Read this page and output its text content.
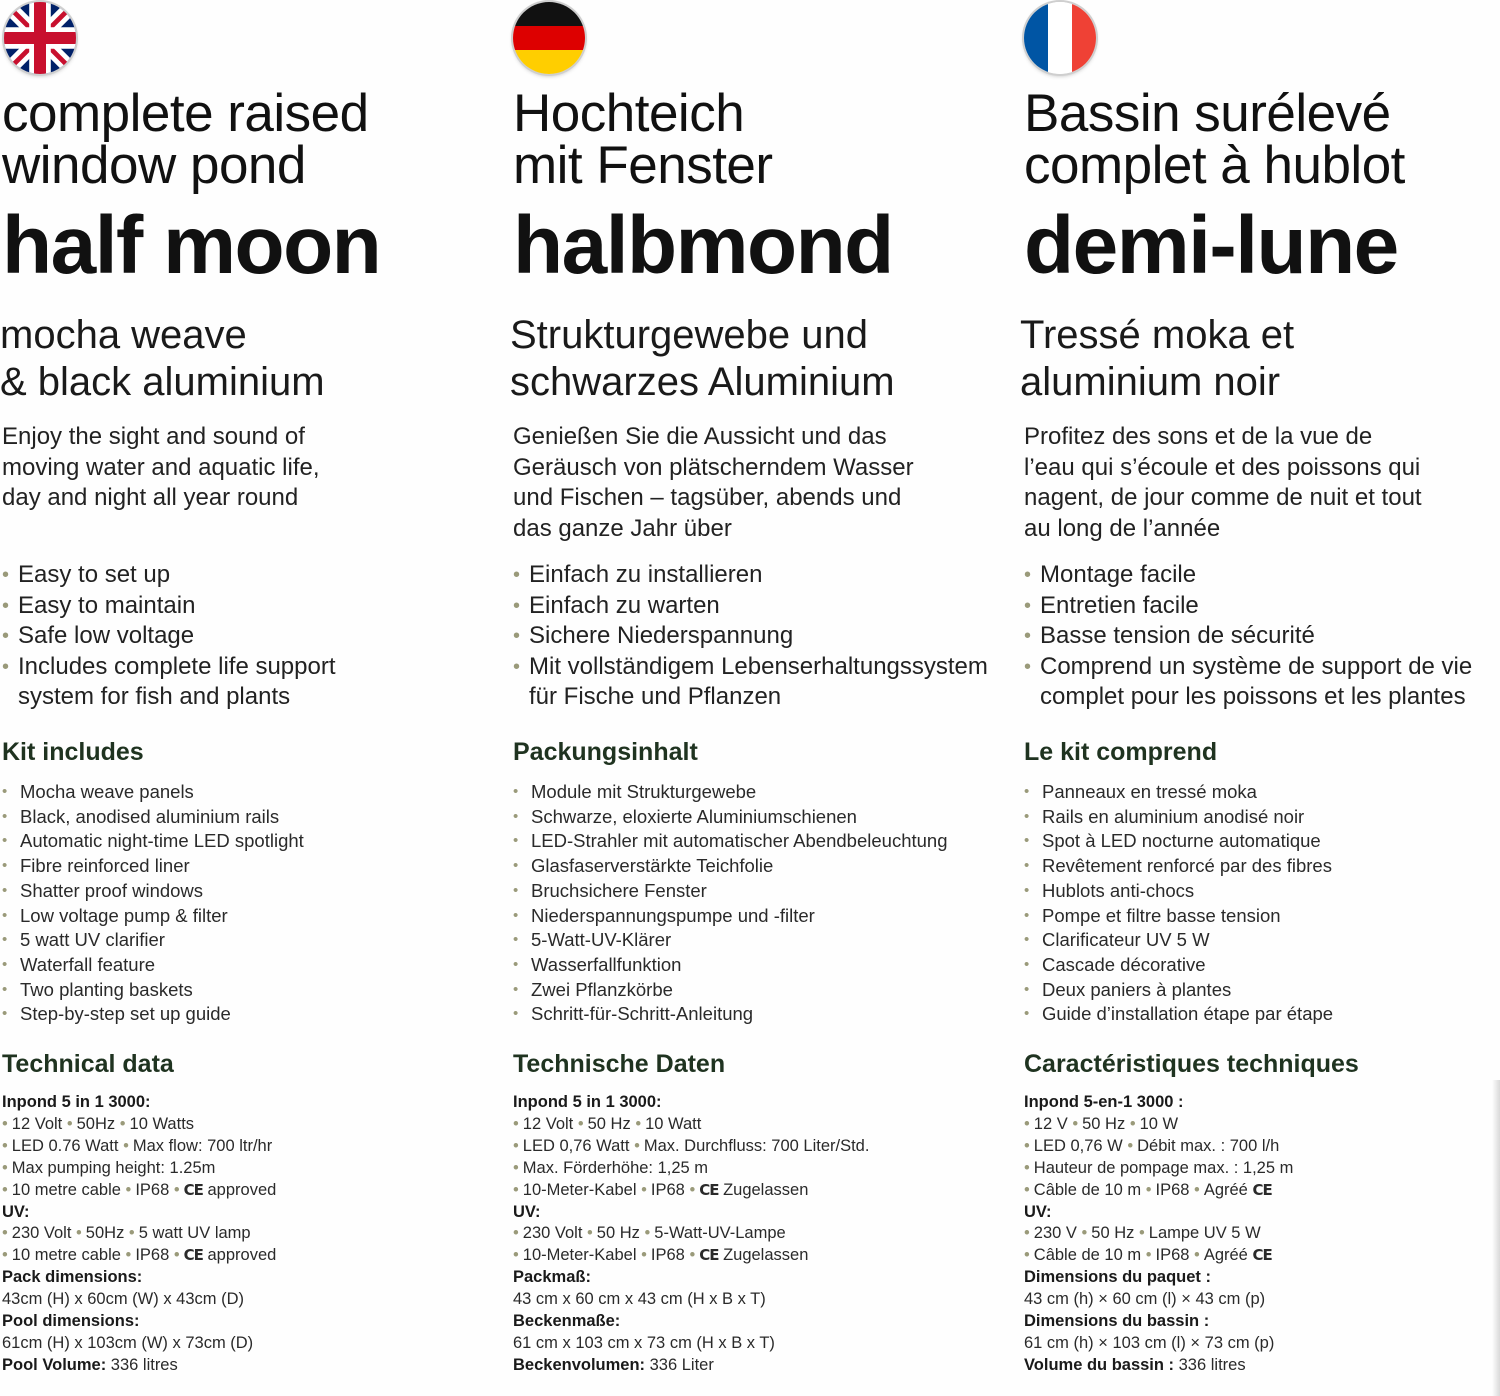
complete raised
window pond
half moon
mocha weave
& black aluminium
Enjoy the sight and sound of
moving water and aquatic life,
day and night all year round
• Easy to set up
• Easy to maintain
• Safe low voltage
• Includes complete life support
system for fish and plants
Kit includes
• Mocha weave panels
• Black, anodised aluminium rails
• Automatic night-time LED spotlight
• Fibre reinforced liner
• Shatter proof windows
• Low voltage pump & filter
• 5 watt UV clarifier
• Waterfall feature
• Two planting baskets
• Step-by-step set up guide
Technical data
Inpond 5 in 1 3000:
• 12 Volt • 50Hz • 10 Watts
• LED 0.76 Watt • Max flow: 700 ltr/hr
• Max pumping height: 1.25m
• 10 metre cable • IP68 • CE approved
UV:
• 230 Volt • 50Hz • 5 watt UV lamp
• 10 metre cable • IP68 • CE approved
Pack dimensions:
43cm (H) x 60cm (W) x 43cm (D)
Pool dimensions:
61cm (H) x 103cm (W) x 73cm (D)
Pool Volume: 336 litres
Hochteich
mit Fenster
halbmond
Strukturgewebe und
schwarzes Aluminium
Genießen Sie die Aussicht und das
Geräusch von plätscherndem Wasser
und Fischen – tagsüber, abends und
das ganze Jahr über
• Einfach zu installieren
• Einfach zu warten
• Sichere Niederspannung
• Mit vollständigem Lebenserhaltungssystem
für Fische und Pflanzen
Packungsinhalt
• Module mit Strukturgewebe
• Schwarze, eloxierte Aluminiumschienen
• LED-Strahler mit automatischer Abendbeleuchtung
• Glasfaserverstärkte Teichfolie
• Bruchsichere Fenster
• Niederspannungspumpe und -filter
• 5-Watt-UV-Klärer
• Wasserfallfunktion
• Zwei Pflanzkörbe
• Schritt-für-Schritt-Anleitung
Technische Daten
Inpond 5 in 1 3000:
• 12 Volt • 50 Hz • 10 Watt
• LED 0,76 Watt • Max. Durchfluss: 700 Liter/Std.
• Max. Förderhöhe: 1,25 m
• 10-Meter-Kabel • IP68 • CE Zugelassen
UV:
• 230 Volt • 50 Hz • 5-Watt-UV-Lampe
• 10-Meter-Kabel • IP68 • CE Zugelassen
Packmaß:
43 cm x 60 cm x 43 cm (H x B x T)
Beckenmaße:
61 cm x 103 cm x 73 cm (H x B x T)
Beckenvolumen: 336 Liter
Bassin surélevé
complet à hublot
demi-lune
Tressé moka et
aluminium noir
Profitez des sons et de la vue de
l’eau qui s’écoule et des poissons qui
nagent, de jour comme de nuit et tout
au long de l’année
• Montage facile
• Entretien facile
• Basse tension de sécurité
• Comprend un système de support de vie
complet pour les poissons et les plantes
Le kit comprend
• Panneaux en tressé moka
• Rails en aluminium anodisé noir
• Spot à LED nocturne automatique
• Revêtement renforcé par des fibres
• Hublots anti-chocs
• Pompe et filtre basse tension
• Clarificateur UV 5 W
• Cascade décorative
• Deux paniers à plantes
• Guide d’installation étape par étape
Caractéristiques techniques
Inpond 5-en-1 3000 :
• 12 V • 50 Hz • 10 W
• LED 0,76 W • Débit max. : 700 l/h
• Hauteur de pompage max. : 1,25 m
• Câble de 10 m • IP68 • Agréé CE
UV:
• 230 V • 50 Hz • Lampe UV 5 W
• Câble de 10 m • IP68 • Agréé CE
Dimensions du paquet :
43 cm (h) × 60 cm (l) × 43 cm (p)
Dimensions du bassin :
61 cm (h) × 103 cm (l) × 73 cm (p)
Volume du bassin : 336 litres
